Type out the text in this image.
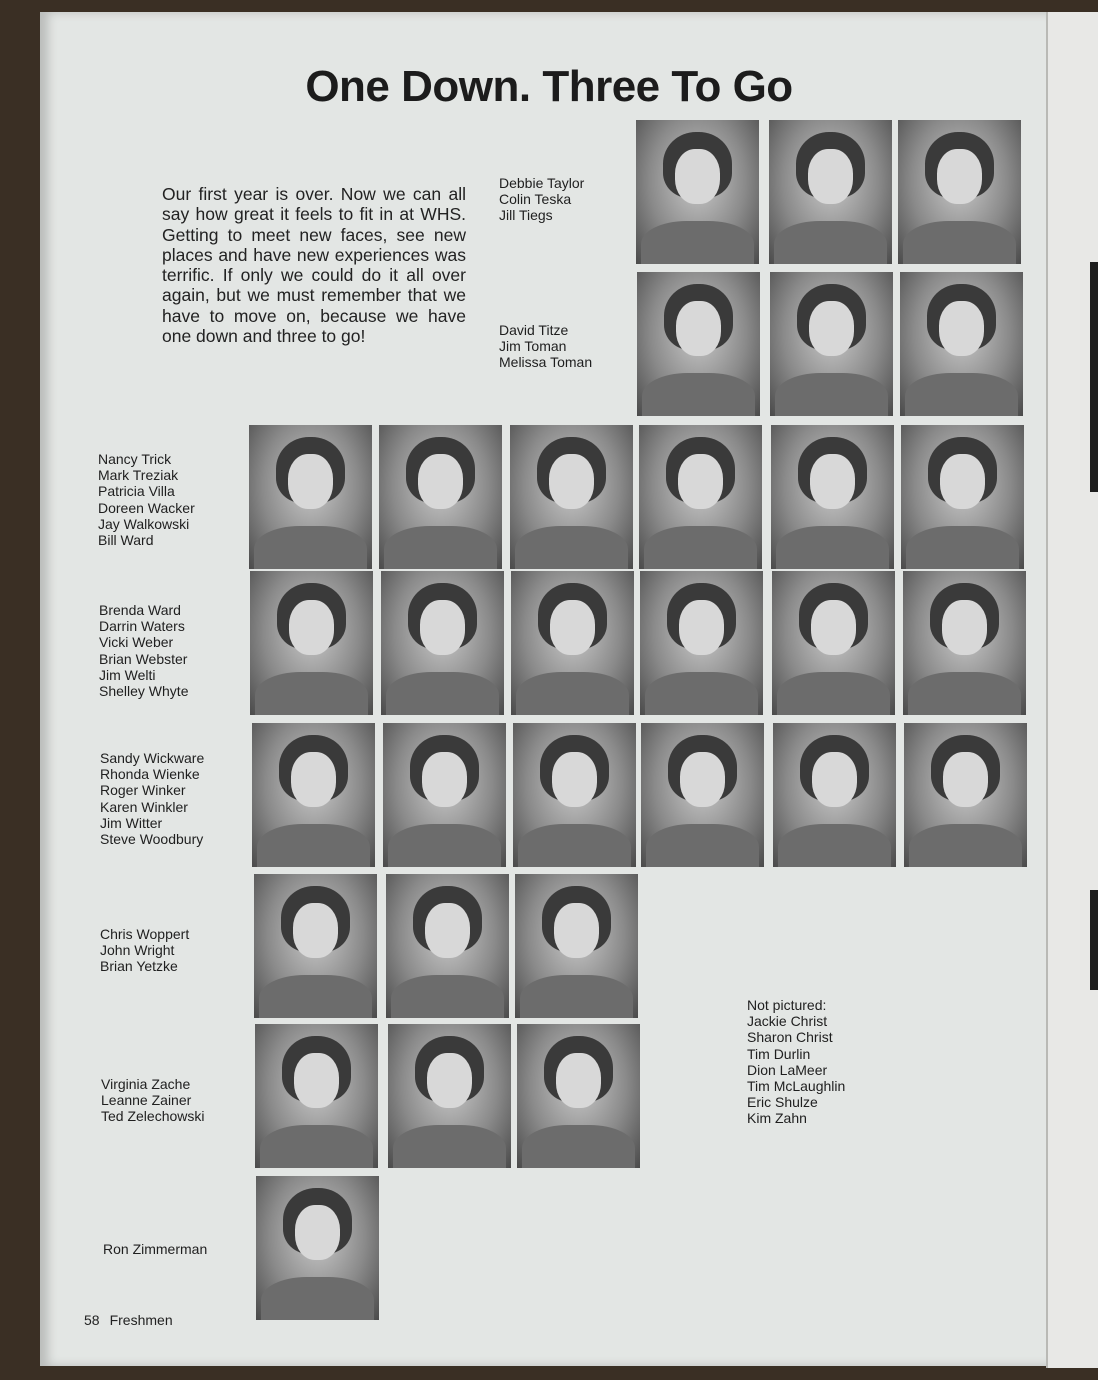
One Down. Three To Go

Our first year is over. Now we can all say how great it feels to fit in at WHS. Getting to meet new faces, see new places and have new experiences was terrific. If only we could do it all over again, but we must remember that we have to move on, because we have one down and three to go!

Debbie Taylor
Colin Teska
Jill Tiegs
David Titze
Jim Toman
Melissa Toman
Nancy Trick
Mark Treziak
Patricia Villa
Doreen Wacker
Jay Walkowski
Bill Ward
Brenda Ward
Darrin Waters
Vicki Weber
Brian Webster
Jim Welti
Shelley Whyte
Sandy Wickware
Rhonda Wienke
Roger Winker
Karen Winkler
Jim Witter
Steve Woodbury
Chris Woppert
John Wright
Brian Yetzke
Virginia Zache
Leanne Zainer
Ted Zelechowski
Ron Zimmerman
Not pictured:
Jackie Christ
Sharon Christ
Tim Durlin
Dion LaMeer
Tim McLaughlin
Eric Shulze
Kim Zahn
58 Freshmen
